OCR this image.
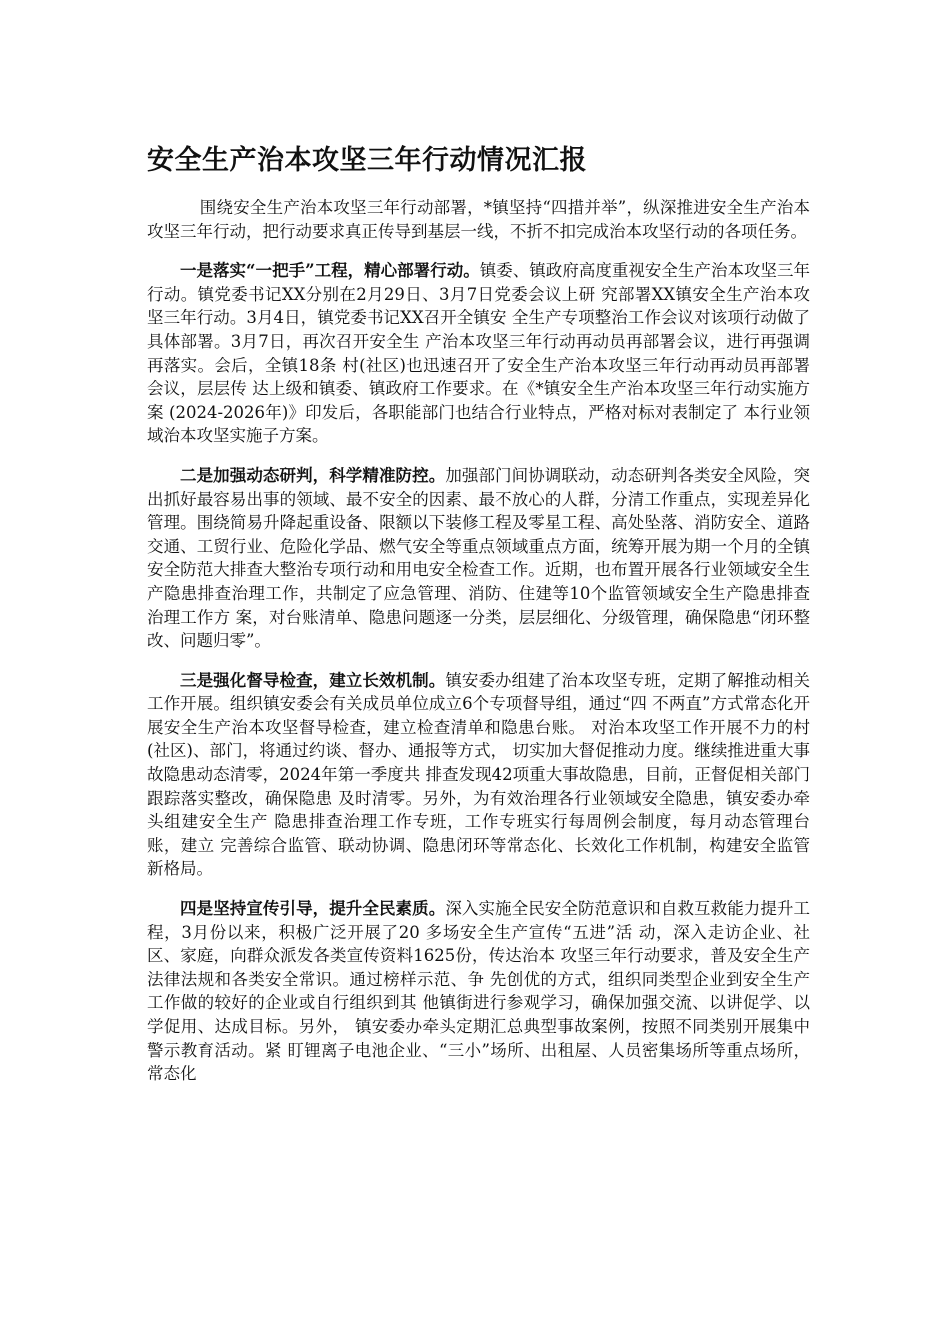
安全生产治本攻坚三年行动情况汇报

围绕安全生产治本攻坚三年行动部署，*镇坚持“四措并举”，纵深推进安全生产治本攻坚三年行动，把行动要求真正传导到基层一线，不折不扣完成治本攻坚行动的各项任务。

一是落实“一把手”工程，精心部署行动。镇委、镇政府高度重视安全生产治本攻坚三年行动。镇党委书记XX分别在2月29日、3月7日党委会议上研 究部署XX镇安全生产治本攻坚三年行动。3月4日，镇党委书记XX召开全镇安 全生产专项整治工作会议对该项行动做了具体部署。3月7日，再次召开安全生 产治本攻坚三年行动再动员再部署会议，进行再强调再落实。会后，全镇18条 村(社区)也迅速召开了安全生产治本攻坚三年行动再动员再部署会议，层层传 达上级和镇委、镇政府工作要求。在《*镇安全生产治本攻坚三年行动实施方案 (2024-2026年)》印发后，各职能部门也结合行业特点，严格对标对表制定了 本行业领域治本攻坚实施子方案。

二是加强动态研判，科学精准防控。加强部门间协调联动，动态研判各类安全风险，突出抓好最容易出事的领域、最不安全的因素、最不放心的人群，分清工作重点，实现差异化管理。围绕简易升降起重设备、限额以下装修工程及零星工程、高处坠落、消防安全、道路交通、工贸行业、危险化学品、燃气安全等重点领域重点方面，统筹开展为期一个月的全镇安全防范大排查大整治专项行动和用电安全检查工作。近期，也布置开展各行业领域安全生产隐患排查治理工作，共制定了应急管理、消防、住建等10个监管领域安全生产隐患排查治理工作方 案，对台账清单、隐患问题逐一分类，层层细化、分级管理，确保隐患“闭环整 改、问题归零”。

三是强化督导检查，建立长效机制。镇安委办组建了治本攻坚专班，定期了解推动相关工作开展。组织镇安委会有关成员单位成立6个专项督导组，通过“四 不两直”方式常态化开展安全生产治本攻坚督导检查，建立检查清单和隐患台账。 对治本攻坚工作开展不力的村(社区)、部门，将通过约谈、督办、通报等方式， 切实加大督促推动力度。继续推进重大事故隐患动态清零，2024年第一季度共 排查发现42项重大事故隐患，目前，正督促相关部门跟踪落实整改，确保隐患 及时清零。另外，为有效治理各行业领域安全隐患，镇安委办牵头组建安全生产 隐患排查治理工作专班，工作专班实行每周例会制度，每月动态管理台账，建立 完善综合监管、联动协调、隐患闭环等常态化、长效化工作机制，构建安全监管 新格局。

四是坚持宣传引导，提升全民素质。深入实施全民安全防范意识和自救互救能力提升工程，3月份以来，积极广泛开展了20 多场安全生产宣传“五进”活 动，深入走访企业、社区、家庭，向群众派发各类宣传资料1625份，传达治本 攻坚三年行动要求，普及安全生产法律法规和各类安全常识。通过榜样示范、争 先创优的方式，组织同类型企业到安全生产工作做的较好的企业或自行组织到其 他镇街进行参观学习，确保加强交流、以讲促学、以学促用、达成目标。另外， 镇安委办牵头定期汇总典型事故案例，按照不同类别开展集中警示教育活动。紧 盯锂离子电池企业、“三小”场所、出租屋、人员密集场所等重点场所，常态化
